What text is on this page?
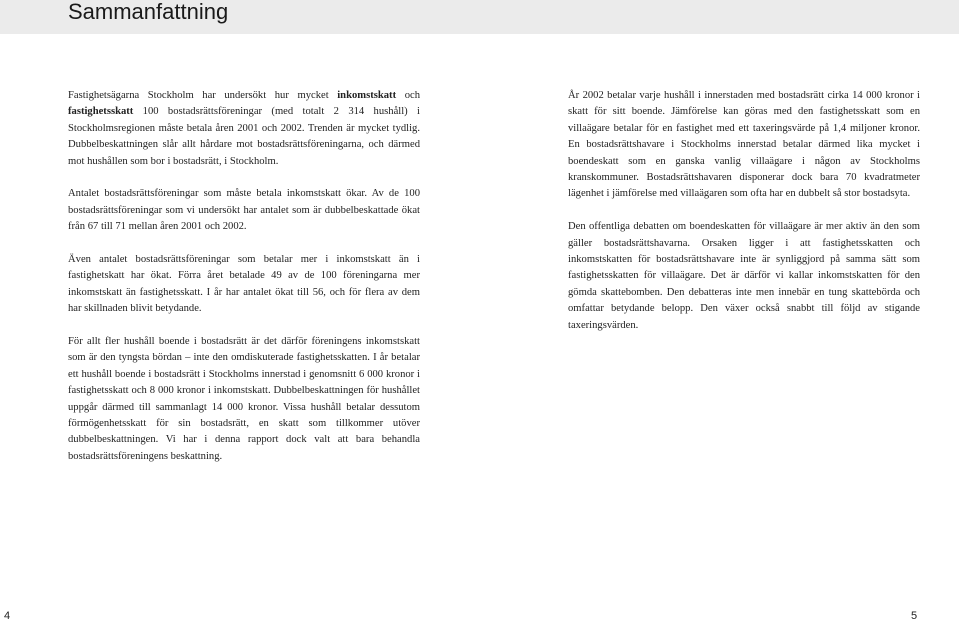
Sammanfattning

Fastighetsägarna Stockholm har undersökt hur mycket inkomstskatt och fastighetsskatt 100 bostadsrättsföreningar (med totalt 2 314 hushåll) i Stockholmsregionen måste betala åren 2001 och 2002. Trenden är mycket tydlig. Dubbelbeskattningen slår allt hårdare mot bostadsrättsföreningarna, och därmed mot hushållen som bor i bostadsrätt, i Stockholm.

Antalet bostadsrättsföreningar som måste betala inkomstskatt ökar. Av de 100 bostadsrättsföreningar som vi undersökt har antalet som är dubbelbeskattade ökat från 67 till 71 mellan åren 2001 och 2002.

Även antalet bostadsrättsföreningar som betalar mer i inkomstskatt än i fastighetskatt har ökat. Förra året betalade 49 av de 100 föreningarna mer inkomstskatt än fastighetsskatt. I år har antalet ökat till 56, och för flera av dem har skillnaden blivit betydande.

För allt fler hushåll boende i bostadsrätt är det därför föreningens inkomstskatt som är den tyngsta bördan – inte den omdiskuterade fastighetsskatten. I år betalar ett hushåll boende i bostadsrätt i Stockholms innerstad i genomsnitt 6 000 kronor i fastighetsskatt och 8 000 kronor i inkomstskatt. Dubbelbeskattningen för hushållet uppgår därmed till sammanlagt 14 000 kronor. Vissa hushåll betalar dessutom förmögenhetsskatt för sin bostadsrätt, en skatt som tillkommer utöver dubbelbeskattningen. Vi har i denna rapport dock valt att bara behandla bostadsrättsföreningens beskattning.

År 2002 betalar varje hushåll i innerstaden med bostadsrätt cirka 14 000 kronor i skatt för sitt boende. Jämförelse kan göras med den fastighetsskatt som en villaägare betalar för en fastighet med ett taxeringsvärde på 1,4 miljoner kronor. En bostadsrättshavare i Stockholms innerstad betalar därmed lika mycket i boendeskatt som en ganska vanlig villaägare i någon av Stockholms kranskommuner. Bostadsrättshavaren disponerar dock bara 70 kvadratmeter lägenhet i jämförelse med villaägaren som ofta har en dubbelt så stor bostadsyta.

Den offentliga debatten om boendeskatten för villaägare är mer aktiv än den som gäller bostadsrättshavarna. Orsaken ligger i att fastighetsskatten och inkomstskatten för bostadsrättshavare inte är synliggjord på samma sätt som fastighetsskatten för villaägare. Det är därför vi kallar inkomstskatten för den gömda skattebomben. Den debatteras inte men innebär en tung skattebörda och omfattar betydande belopp. Den växer också snabbt till följd av stigande taxeringsvärden.

4	5
